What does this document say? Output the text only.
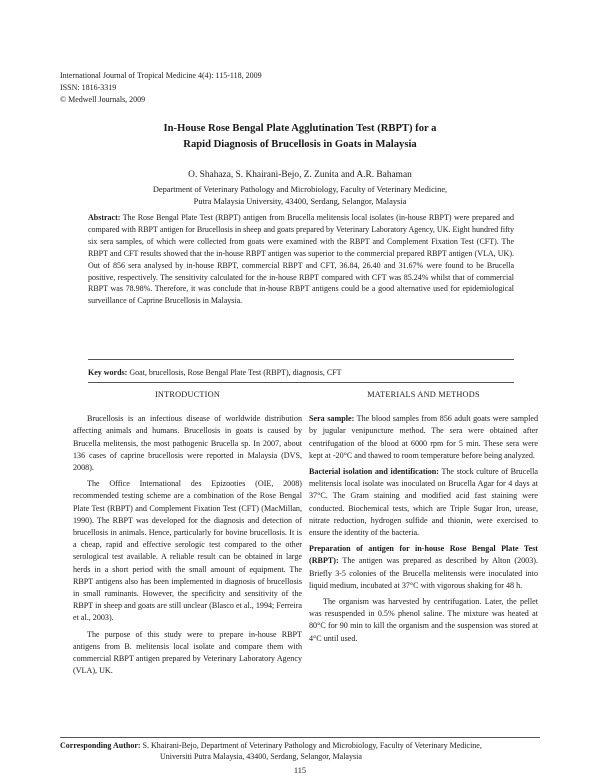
International Journal of Tropical Medicine 4(4): 115-118, 2009
ISSN: 1816-3319
© Medwell Journals, 2009
In-House Rose Bengal Plate Agglutination Test (RBPT) for a
Rapid Diagnosis of Brucellosis in Goats in Malaysia
O. Shahaza, S. Khairani-Bejo, Z. Zunita and A.R. Bahaman
Department of Veterinary Pathology and Microbiology, Faculty of Veterinary Medicine,
Putra Malaysia University, 43400, Serdang, Selangor, Malaysia
Abstract: The Rose Bengal Plate Test (RBPT) antigen from Brucella melitensis local isolates (in-house RBPT) were prepared and compared with RBPT antigen for Brucellosis in sheep and goats prepared by Veterinary Laboratory Agency, UK. Eight hundred fifty six sera samples, of which were collected from goats were examined with the RBPT and Complement Fixation Test (CFT). The RBPT and CFT results showed that the in-house RBPT antigen was superior to the commercial prepared RBPT antigen (VLA, UK). Out of 856 sera analysed by in-house RBPT, commercial RBPT and CFT, 36.84, 26.40 and 31.67% were found to be Brucella positive, respectively. The sensitivity calculated for the in-house RBPT compared with CFT was 85.24% whilst that of commercial RBPT was 78.98%. Therefore, it was conclude that in-house RBPT antigens could be a good alternative used for epidemiological surveillance of Caprine Brucellosis in Malaysia.
Key words: Goat, brucellosis, Rose Bengal Plate Test (RBPT), diagnosis, CFT
INTRODUCTION

Brucellosis is an infectious disease of worldwide distribution affecting animals and humans. Brucellosis in goats is caused by Brucella melitensis, the most pathogenic Brucella sp. In 2007, about 136 cases of caprine brucellosis were reported in Malaysia (DVS, 2008).

The Office International des Epizooties (OIE, 2008) recommended testing scheme are a combination of the Rose Bengal Plate Test (RBPT) and Complement Fixation Test (CFT) (MacMillan, 1990). The RBPT was developed for the diagnosis and detection of brucellosis in animals. Hence, particularly for bovine brucellosis. It is a cheap, rapid and effective serologic test compared to the other serological test available. A reliable result can be obtained in large herds in a short period with the small amount of equipment. The RBPT antigens also has been implemented in diagnosis of brucellosis in small ruminants. However, the specificity and sensitivity of the RBPT in sheep and goats are still unclear (Blasco et al., 1994; Ferreira et al., 2003).

The purpose of this study were to prepare in-house RBPT antigens from B. melitensis local isolate and compare them with commercial RBPT antigen prepared by Veterinary Laboratory Agency (VLA), UK.

MATERIALS AND METHODS

Sera sample: The blood samples from 856 adult goats were sampled by jugular venipuncture method. The sera were obtained after centrifugation of the blood at 6000 rpm for 5 min. These sera were kept at -20°C and thawed to room temperature before being analyzed.

Bacterial isolation and identification: The stock culture of Brucella melitensis local isolate was inoculated on Brucella Agar for 4 days at 37°C. The Gram staining and modified acid fast staining were conducted. Biochemical tests, which are Triple Sugar Iron, urease, nitrate reduction, hydrogen sulfide and thionin, were exercised to ensure the identity of the bacteria.

Preparation of antigen for in-house Rose Bengal Plate Test (RBPT): The antigen was prepared as described by Alton (2003). Briefly 3-5 colonies of the Brucella melitensis were inoculated into liquid medium, incubated at 37°C with vigorous shaking for 48 h.

The organism was harvested by centrifugation. Later, the pellet was resuspended in 0.5% phenol saline. The mixture was heated at 80°C for 90 min to kill the organism and the suspension was stored at 4°C until used.

Corresponding Author: S. Khairani-Bejo, Department of Veterinary Pathology and Microbiology, Faculty of Veterinary Medicine,
Universiti Putra Malaysia, 43400, Serdang, Selangor, Malaysia
115
